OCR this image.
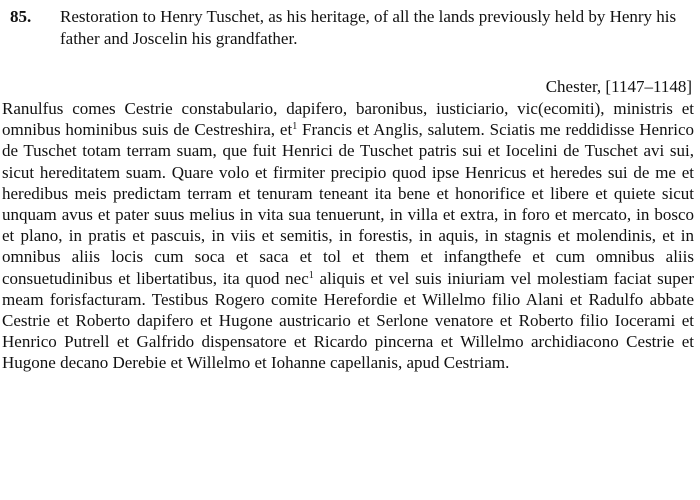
85. Restoration to Henry Tuschet, as his heritage, of all the lands previously held by Henry his father and Joscelin his grandfather.
Chester, [1147–1148]

Ranulfus comes Cestrie constabulario, dapifero, baronibus, iusticiario, vic(ecomiti), ministris et omnibus hominibus suis de Cestreshira, $et^1$ Francis et Anglis, salutem. Sciatis me reddidisse Henrico de Tuschet totam terram suam, que fuit Henrici de Tuschet patris sui et Iocelini de Tuschet avi sui, sicut hereditatem suam. Quare volo et firmiter precipio quod ipse Henricus et heredes sui de me et heredibus meis predictam terram et tenuram teneant ita bene et honorifice et libere et quiete sicut unquam avus et pater suus melius in vita sua tenuerunt, in villa et extra, in foro et mercato, in bosco et plano, in pratis et pascuis, in viis et semitis, in forestis, in aquis, in stagnis et molendinis, et in omnibus aliis locis cum soca et saca et tol et them et infangthefe et cum omnibus aliis consuetudinibus et libertatibus, ita quod nec$^1$ aliquis et vel suis iniuriam vel molestiam faciat super meam forisfacturam. Testibus Rogero comite Herefordie et Willelmo filio Alani et Radulfo abbate Cestrie et Roberto dapifero et Hugone austricario et Serlone venatore et Roberto filio Iocerami et Henrico Putrell et Galfrido dispensatore et Ricardo pincerna et Willelmo archidiacono Cestrie et Hugone decano Derebie et Willelmo et Iohanne capellanis, apud Cestriam.
